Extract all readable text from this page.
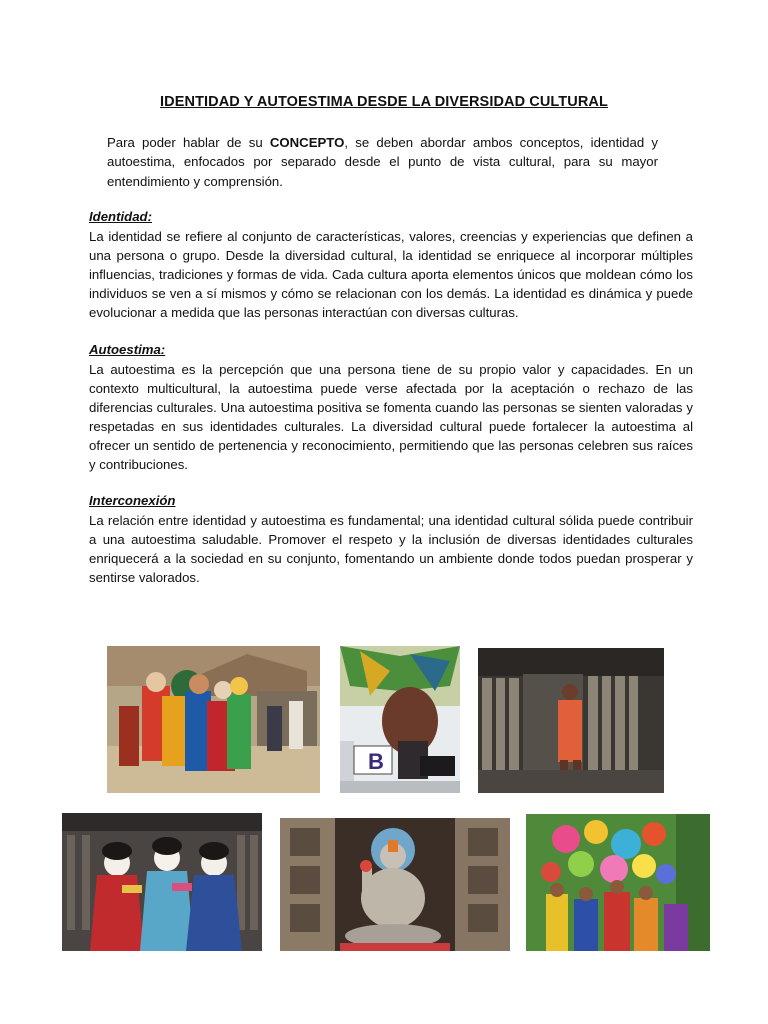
IDENTIDAD Y AUTOESTIMA DESDE LA DIVERSIDAD CULTURAL

Para poder hablar de su CONCEPTO, se deben abordar ambos conceptos, identidad y autoestima, enfocados por separado desde el punto de vista cultural, para su mayor entendimiento y comprensión.

Identidad:

La identidad se refiere al conjunto de características, valores, creencias y experiencias que definen a una persona o grupo. Desde la diversidad cultural, la identidad se enriquece al incorporar múltiples influencias, tradiciones y formas de vida. Cada cultura aporta elementos únicos que moldean cómo los individuos se ven a sí mismos y cómo se relacionan con los demás. La identidad es dinámica y puede evolucionar a medida que las personas interactúan con diversas culturas.

Autoestima:

La autoestima es la percepción que una persona tiene de su propio valor y capacidades. En un contexto multicultural, la autoestima puede verse afectada por la aceptación o rechazo de las diferencias culturales. Una autoestima positiva se fomenta cuando las personas se sienten valoradas y respetadas en sus identidades culturales. La diversidad cultural puede fortalecer la autoestima al ofrecer un sentido de pertenencia y reconocimiento, permitiendo que las personas celebren sus raíces y contribuciones.

Interconexión

La relación entre identidad y autoestima es fundamental; una identidad cultural sólida puede contribuir a una autoestima saludable. Promover el respeto y la inclusión de diversas identidades culturales enriquecerá a la sociedad en su conjunto, fomentando un ambiente donde todos puedan prosperar y sentirse valorados.

B
